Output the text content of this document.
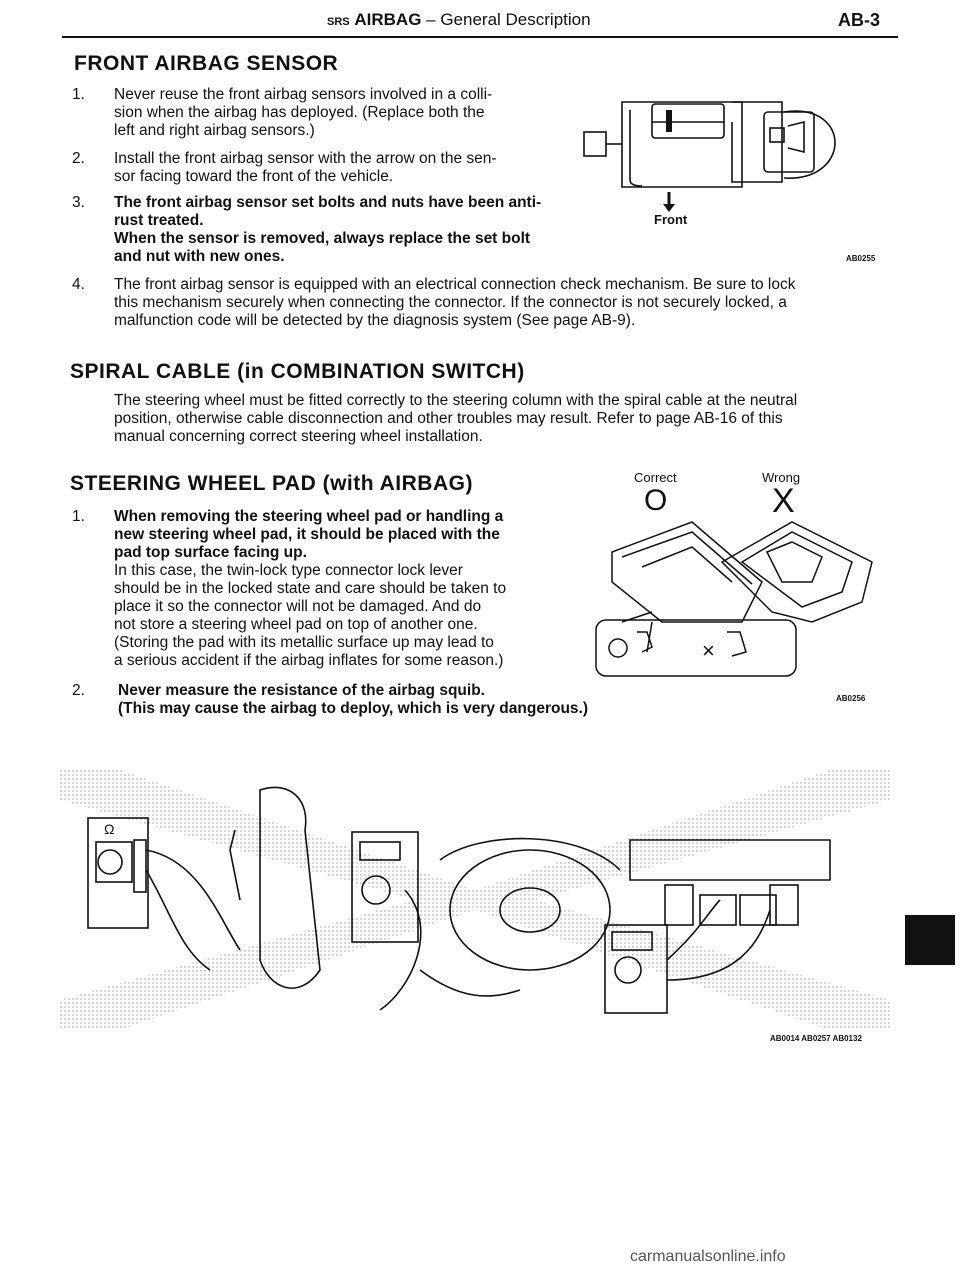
SRS AIRBAG – General Description	AB-3
FRONT AIRBAG SENSOR
1. Never reuse the front airbag sensors involved in a colli-
sion when the airbag has deployed. (Replace both the
left and right airbag sensors.)
2. Install the front airbag sensor with the arrow on the sen-
sor facing toward the front of the vehicle.
3. The front airbag sensor set bolts and nuts have been anti-
rust treated.
When the sensor is removed, always replace the set bolt
and nut with new ones.
Front
AB0255
4. The front airbag sensor is equipped with an electrical connection check mechanism. Be sure to lock
this mechanism securely when connecting the connector. If the connector is not securely locked, a
malfunction code will be detected by the diagnosis system (See page AB-9).
SPIRAL CABLE (in COMBINATION SWITCH)
The steering wheel must be fitted correctly to the steering column with the spiral cable at the neutral
position, otherwise cable disconnection and other troubles may result. Refer to page AB-16 of this
manual concerning correct steering wheel installation.
STEERING WHEEL PAD (with AIRBAG)
1. When removing the steering wheel pad or handling a
new steering wheel pad, it should be placed with the
pad top surface facing up.
In this case, the twin-lock type connector lock lever
should be in the locked state and care should be taken to
place it so the connector will not be damaged. And do
not store a steering wheel pad on top of another one.
(Storing the pad with its metallic surface up may lead to
a serious accident if the airbag inflates for some reason.)
Correct	Wrong
O	X
×
AB0256
2. Never measure the resistance of the airbag squib.
(This may cause the airbag to deploy, which is very dangerous.)
Ω
AB0014 AB0257 AB0132
carmanualsonline.info
